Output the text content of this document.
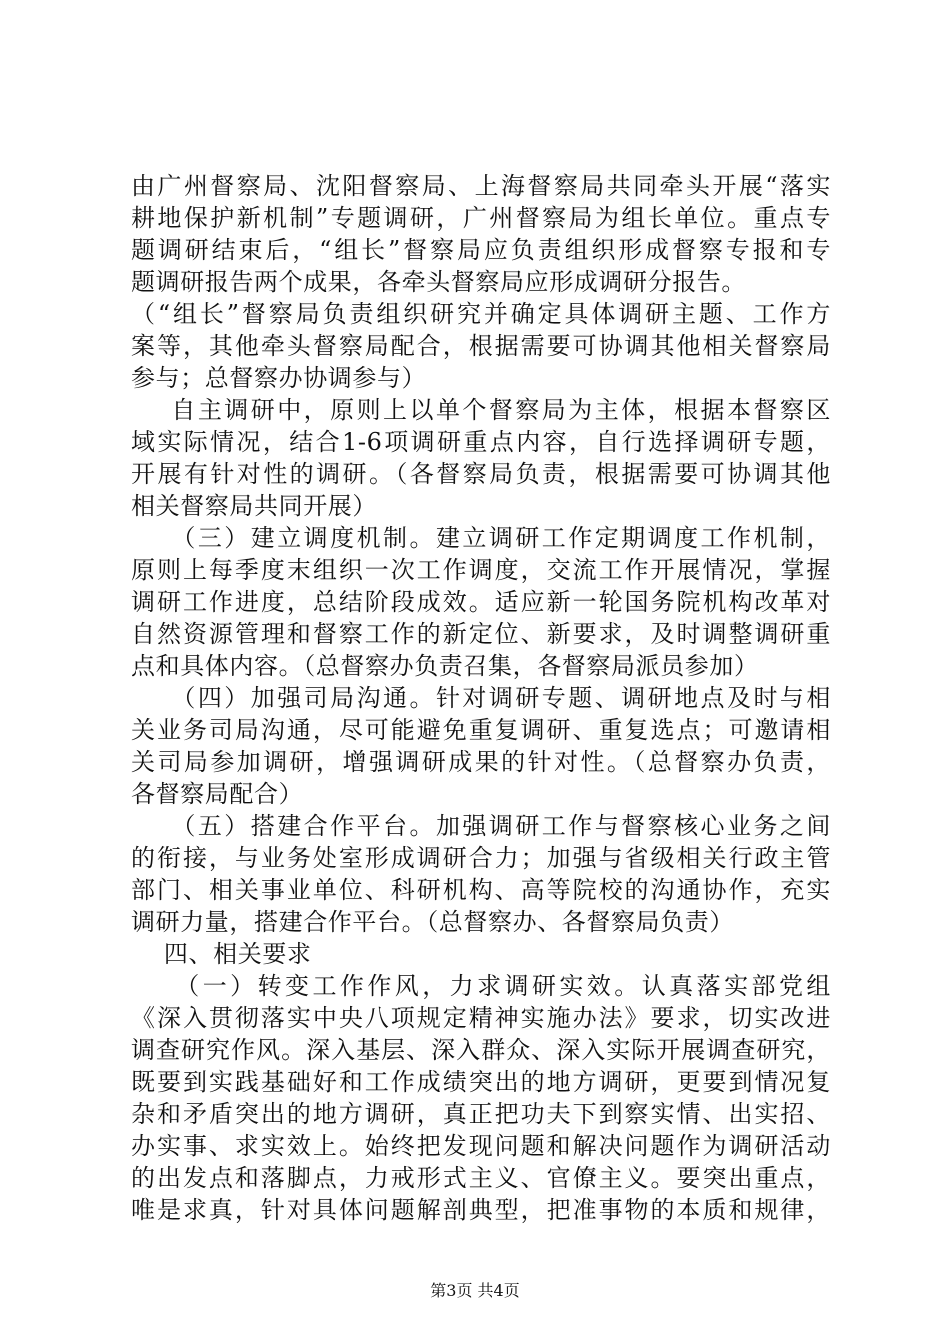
由广州督察局、沈阳督察局、上海督察局共同牵头开展“落实
耕地保护新机制”专题调研，广州督察局为组长单位。重点专
题调研结束后，“组长”督察局应负责组织形成督察专报和专
题调研报告两个成果，各牵头督察局应形成调研分报告。
（“组长”督察局负责组织研究并确定具体调研主题、工作方
案等，其他牵头督察局配合，根据需要可协调其他相关督察局
参与；总督察办协调参与）
自主调研中，原则上以单个督察局为主体，根据本督察区
域实际情况，结合1-6项调研重点内容，自行选择调研专题，
开展有针对性的调研。（各督察局负责，根据需要可协调其他
相关督察局共同开展）
（三）建立调度机制。建立调研工作定期调度工作机制，
原则上每季度末组织一次工作调度，交流工作开展情况，掌握
调研工作进度，总结阶段成效。适应新一轮国务院机构改革对
自然资源管理和督察工作的新定位、新要求，及时调整调研重
点和具体内容。（总督察办负责召集，各督察局派员参加）
（四）加强司局沟通。针对调研专题、调研地点及时与相
关业务司局沟通，尽可能避免重复调研、重复选点；可邀请相
关司局参加调研，增强调研成果的针对性。（总督察办负责，
各督察局配合）
（五）搭建合作平台。加强调研工作与督察核心业务之间
的衔接，与业务处室形成调研合力；加强与省级相关行政主管
部门、相关事业单位、科研机构、高等院校的沟通协作，充实
调研力量，搭建合作平台。（总督察办、各督察局负责）
四、相关要求
（一）转变工作作风，力求调研实效。认真落实部党组
《深入贯彻落实中央八项规定精神实施办法》要求，切实改进
调查研究作风。深入基层、深入群众、深入实际开展调查研究，
既要到实践基础好和工作成绩突出的地方调研，更要到情况复
杂和矛盾突出的地方调研，真正把功夫下到察实情、出实招、
办实事、求实效上。始终把发现问题和解决问题作为调研活动
的出发点和落脚点，力戒形式主义、官僚主义。要突出重点，
唯是求真，针对具体问题解剖典型，把准事物的本质和规律，
第3页 共4页
